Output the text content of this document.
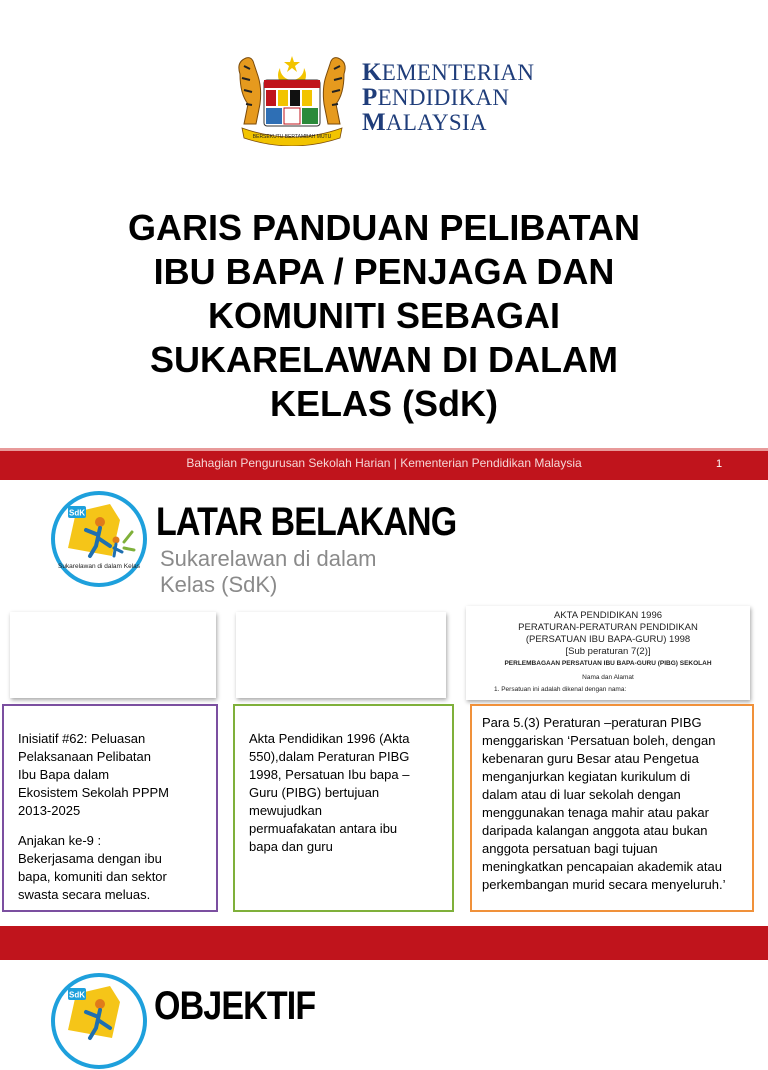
BERSEKUTU BERTAMBAH MUTU
KEMENTERIAN
PENDIDIKAN
MALAYSIA
GARIS PANDUAN PELIBATAN
IBU BAPA / PENJAGA DAN
KOMUNITI SEBAGAI
SUKARELAWAN DI DALAM
KELAS (SdK)
Bahagian Pengurusan Sekolah Harian | Kementerian Pendidikan Malaysia	1
SdK
Sukarelawan di dalam Kelas
LATAR BELAKANG
Sukarelawan di dalam
Kelas (SdK)
AKTA PENDIDIKAN 1996
PERATURAN-PERATURAN PENDIDIKAN
(PERSATUAN IBU BAPA-GURU) 1998
[Sub peraturan 7(2)]
PERLEMBAGAAN PERSATUAN IBU BAPA-GURU (PIBG) SEKOLAH
Nama dan Alamat
1. Persatuan ini adalah dikenal dengan nama:
Inisiatif #62: Peluasan
Pelaksanaan Pelibatan
Ibu Bapa dalam
Ekosistem Sekolah PPPM
2013-2025
Anjakan ke-9 :
Bekerjasama dengan ibu
bapa, komuniti dan sektor
swasta secara meluas.
Akta Pendidikan 1996 (Akta
550),dalam Peraturan PIBG
1998, Persatuan Ibu bapa –
Guru (PIBG) bertujuan
mewujudkan
permuafakatan antara ibu
bapa dan guru
Para 5.(3) Peraturan –peraturan PIBG
menggariskan ‘Persatuan boleh, dengan
kebenaran guru Besar atau Pengetua
menganjurkan kegiatan kurikulum di
dalam atau di luar sekolah dengan
menggunakan tenaga mahir atau pakar
daripada kalangan anggota atau bukan
anggota persatuan bagi tujuan
meningkatkan pencapaian akademik atau
perkembangan murid secara menyeluruh.’
SdK OBJEKTIF
